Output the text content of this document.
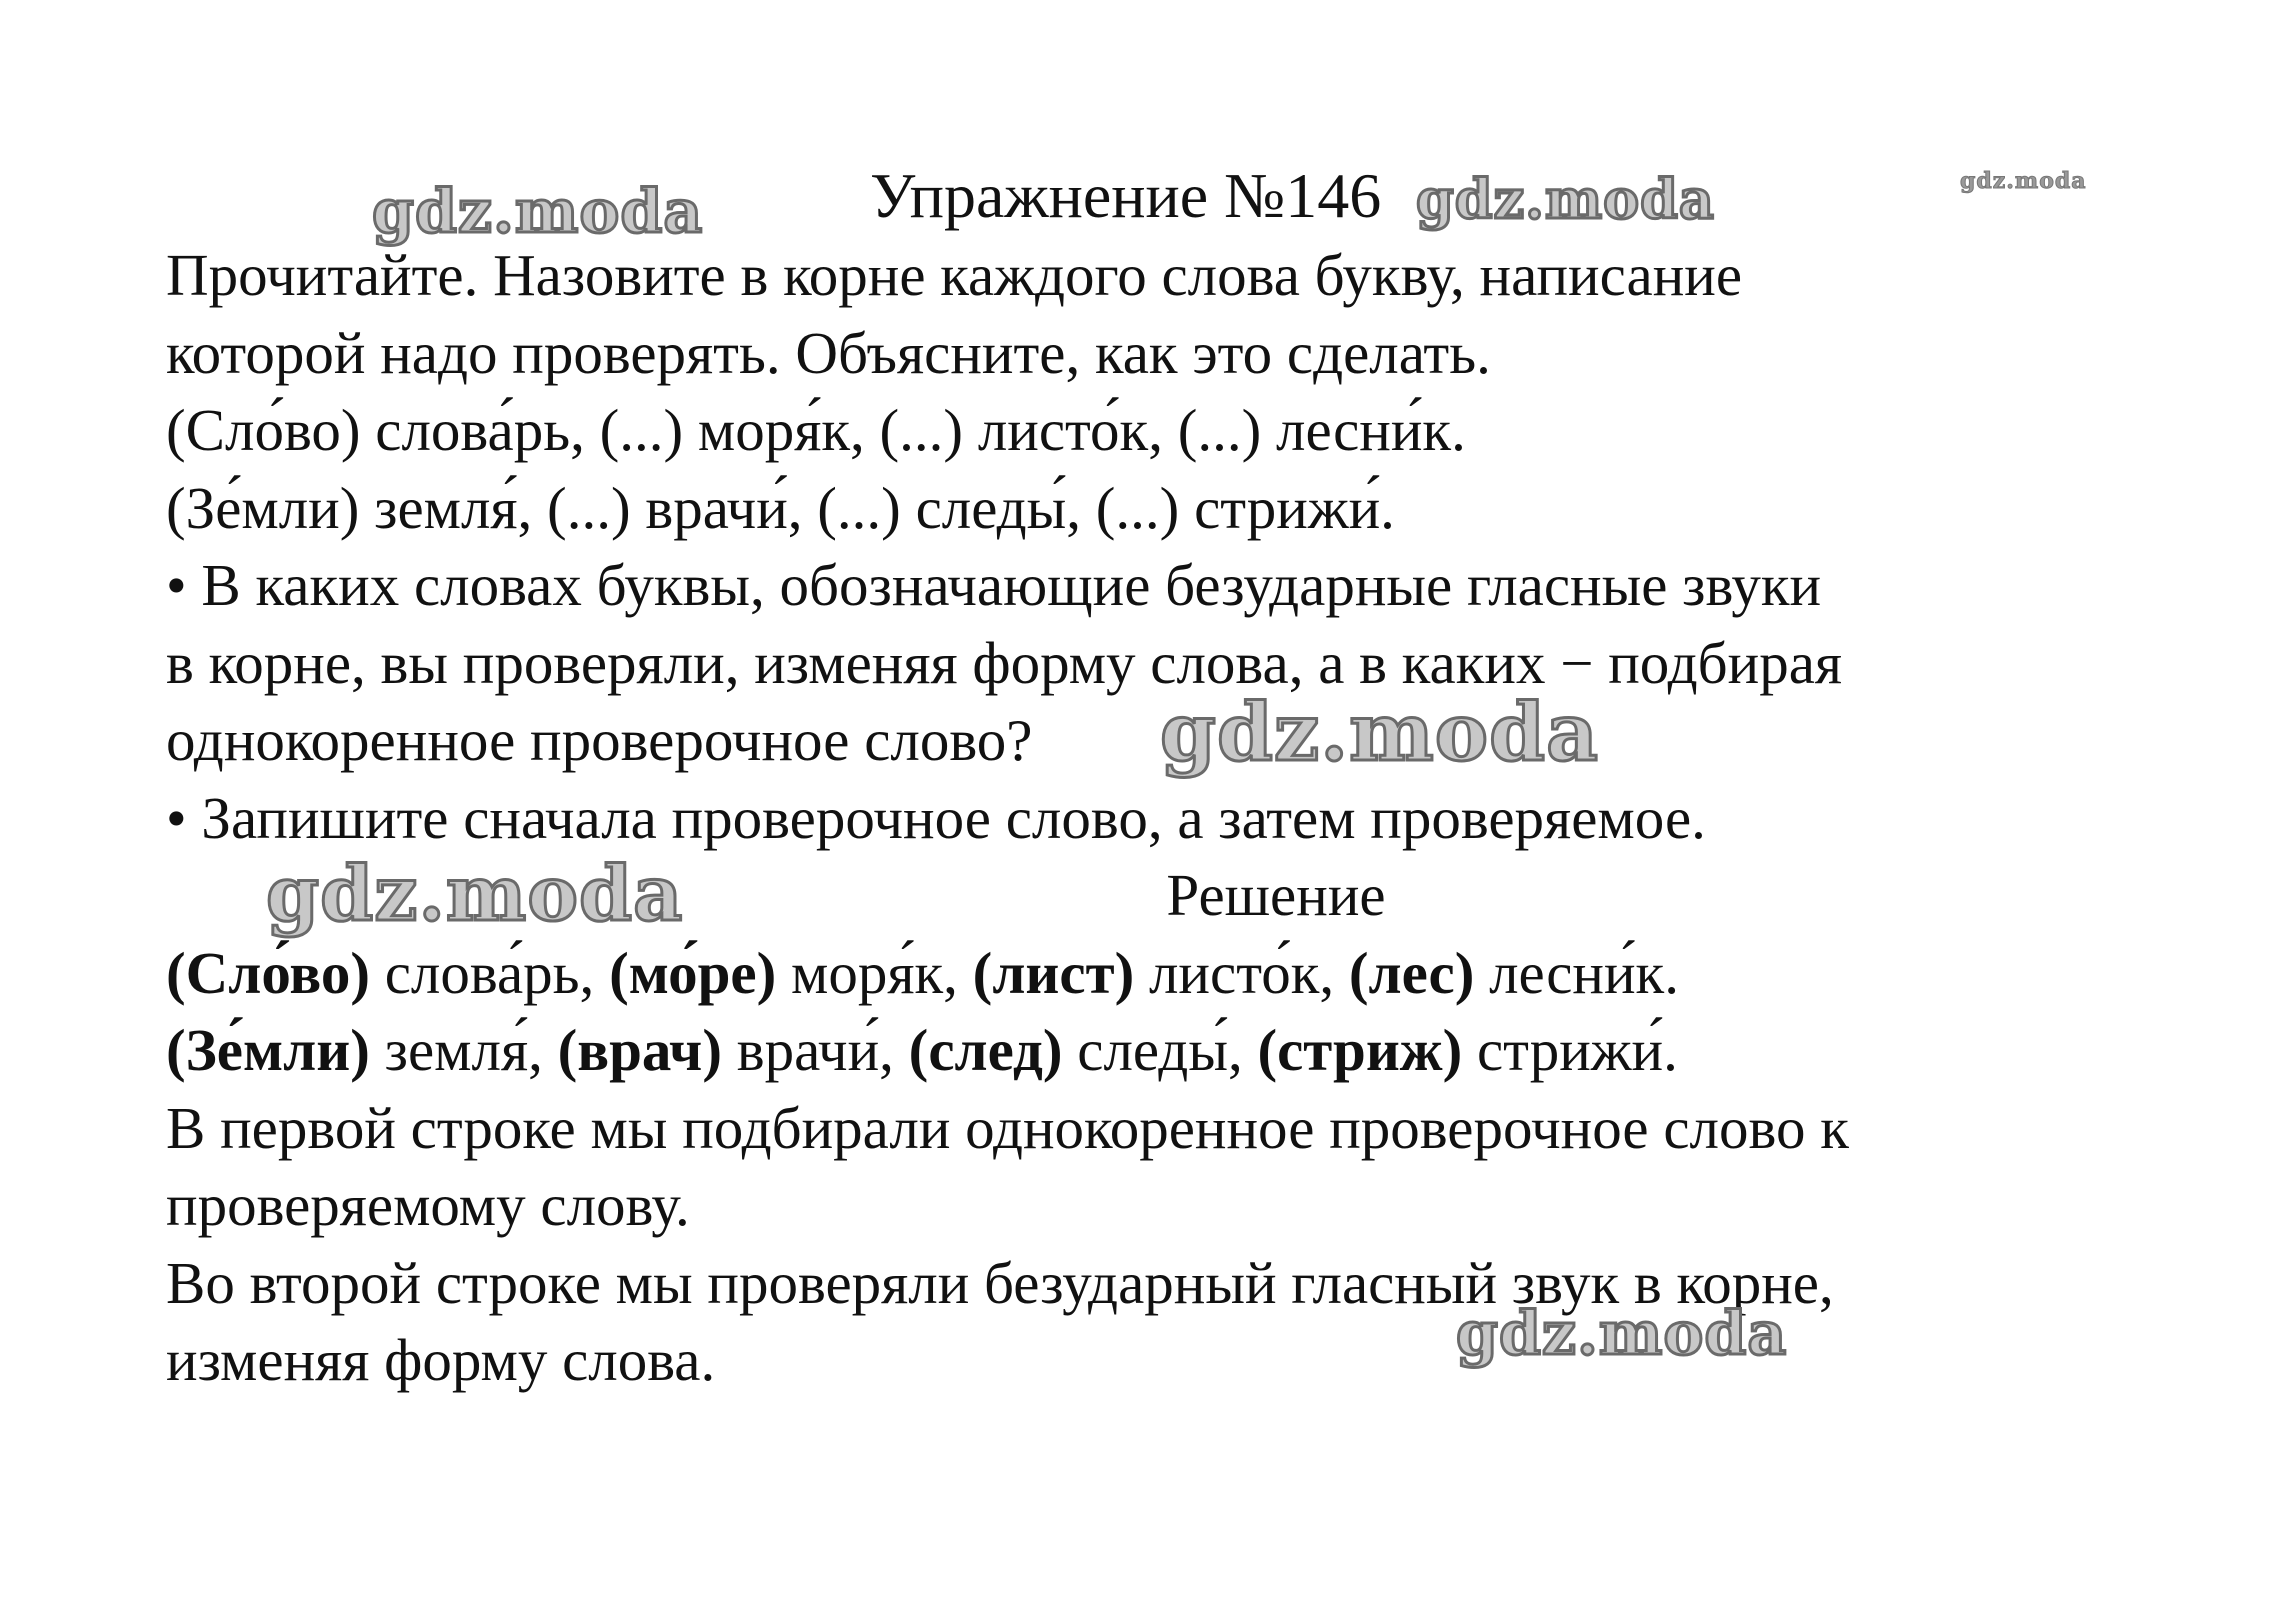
Упражнение №146
Прочитайте. Назовите в корне каждого слова букву, написание
которой надо проверять. Объясните, как это сделать.
(Сло́во) слова́рь, (...) моря́к, (...) листо́к, (...) лесни́к.
(Зе́мли) земля́, (...) врачи́, (...) следы́, (...) стрижи́.
• В каких словах буквы, обозначающие безударные гласные звуки
в корне, вы проверяли, изменяя форму слова, а в каких − подбирая
однокоренное проверочное слово?
• Запишите сначала проверочное слово, а затем проверяемое.
Решение
(Сло́во) слова́рь, (мо́ре) моря́к, (лист) листо́к, (лес) лесни́к.
(Зе́мли) земля́, (врач) врачи́, (след) следы́, (стриж) стрижи́.
В первой строке мы подбирали однокоренное проверочное слово к
проверяемому слову.
Во второй строке мы проверяли безударный гласный звук в корне,
изменяя форму слова.
gdz.moda	gdz.moda	gdz.moda
gdz.moda
gdz.moda
gdz.moda
